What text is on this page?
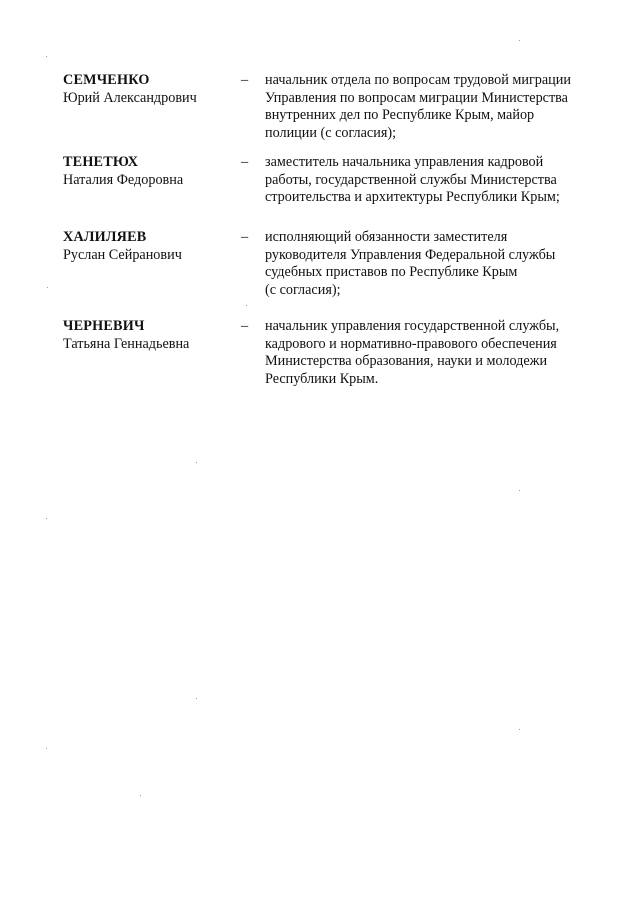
СЕМЧЕНКО
Юрий Александрович
–	начальник отдела по вопросам трудовой миграции
Управления по вопросам миграции Министерства
внутренних дел по Республике Крым, майор
полиции (с согласия);
ТЕНЕТЮХ
Наталия Федоровна
–	заместитель начальника управления кадровой
работы, государственной службы Министерства
строительства и архитектуры Республики Крым;
ХАЛИЛЯЕВ
Руслан Сейранович
–	исполняющий обязанности заместителя
руководителя Управления Федеральной службы
судебных приставов по Республике Крым
(с согласия);
ЧЕРНЕВИЧ
Татьяна Геннадьевна
–	начальник управления государственной службы,
кадрового и нормативно-правового обеспечения
Министерства образования, науки и молодежи
Республики Крым.
